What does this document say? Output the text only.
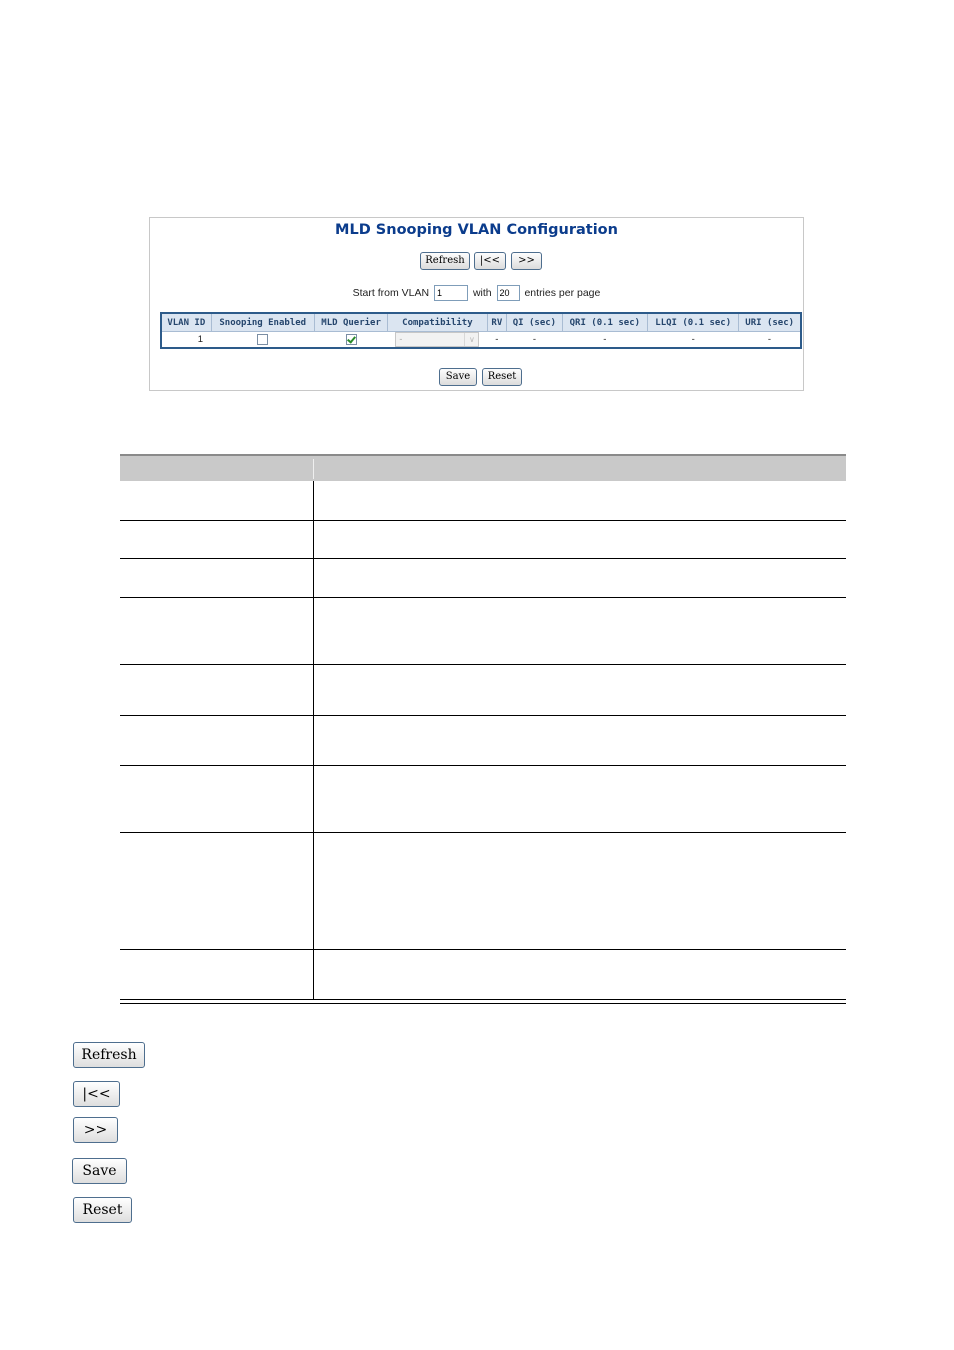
MLD Snooping VLAN Configuration
Refresh	|<<	>>
Start from VLAN 1	with 20	entries per page
VLAN ID	Snooping Enabled	MLD Querier	Compatibility	RV	QI (sec)	QRI (0.1 sec)	LLQI (0.1 sec)	URI (sec)
1			- ∨	-	-	-	-	-
Save	Reset
Refresh
|<<
>>
Save
Reset
